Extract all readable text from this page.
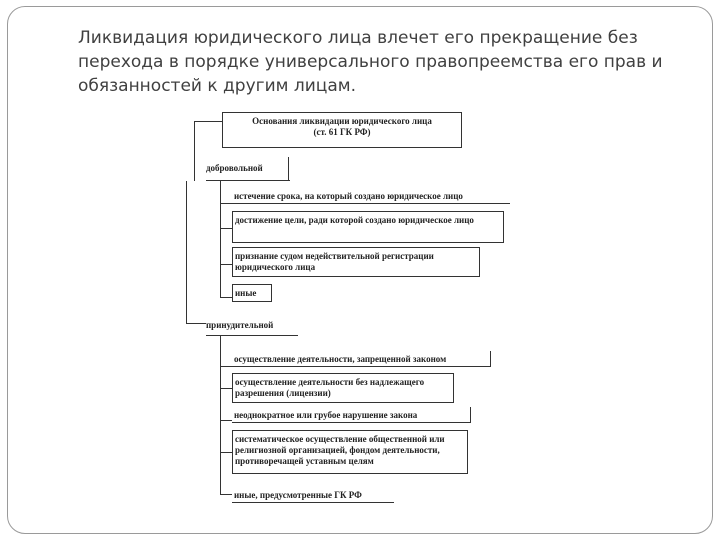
Ликвидация юридического лица влечет его прекращение без перехода в порядке универсального правопреемства его прав и обязанностей к другим лицам.

Основания ликвидации юридического лица
(ст. 61 ГК РФ)
добровольной
истечение срока, на который создано юридическое лицо
достижение цели, ради которой создано юридическое лицо
признание судом недействительной регистрации юридического лица
иные
принудительной
осуществление деятельности, запрещенной законом
осуществление деятельности без надлежащего разрешения (лицензии)
неоднократное или грубое нарушение закона
систематическое осуществление общественной или религиозной организацией, фондом деятельности, противоречащей уставным целям
иные, предусмотренные ГК РФ
